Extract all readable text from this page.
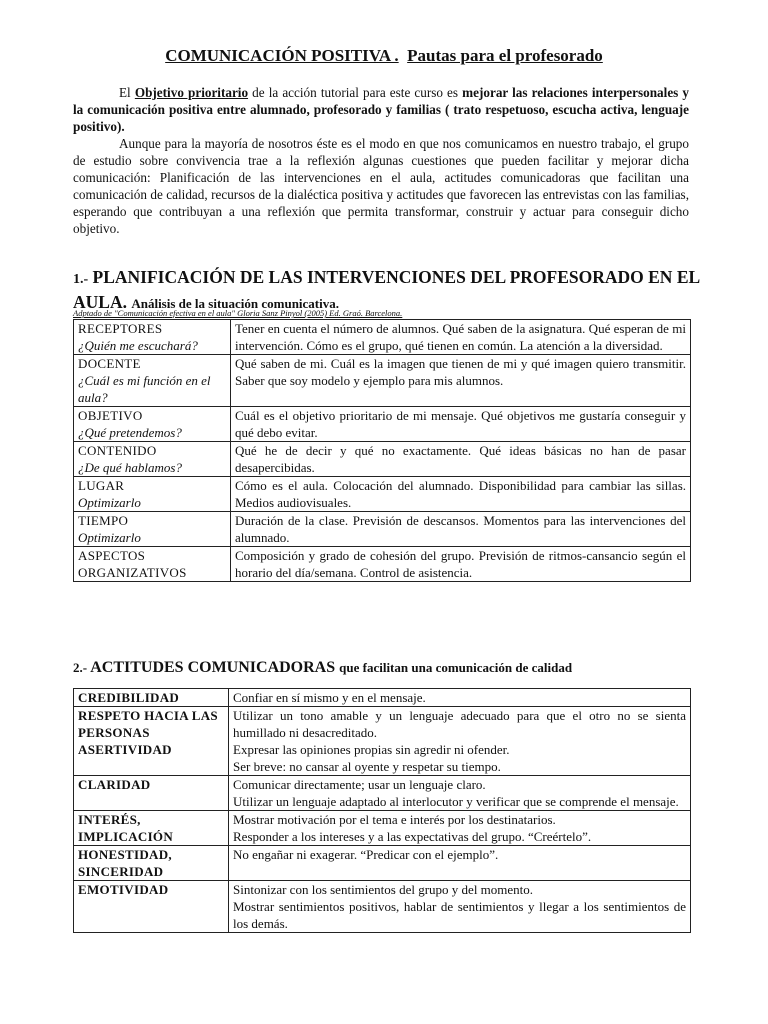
COMUNICACIÓN POSITIVA . Pautas para el profesorado

El Objetivo prioritario de la acción tutorial para este curso es mejorar las relaciones interpersonales y la comunicación positiva entre alumnado, profesorado y familias ( trato respetuoso, escucha activa, lenguaje positivo).

Aunque para la mayoría de nosotros éste es el modo en que nos comunicamos en nuestro trabajo, el grupo de estudio sobre convivencia trae a la reflexión algunas cuestiones que pueden facilitar y mejorar dicha comunicación: Planificación de las intervenciones en el aula, actitudes comunicadoras que facilitan una comunicación de calidad, recursos de la dialéctica positiva y actitudes que favorecen las entrevistas con las familias, esperando que contribuyan a una reflexión que permita transformar, construir y actuar para conseguir dicho objetivo.

1.- PLANIFICACIÓN DE LAS INTERVENCIONES DEL PROFESORADO EN EL AULA. Análisis de la situación comunicativa.
Adptado de "Comunicación efectiva en el aula" Gloria Sanz Pinyol (2005) Ed. Graó. Barcelona.
RECEPTORES
¿Quién me escuchará?	Tener en cuenta el número de alumnos. Qué saben de la asignatura. Qué esperan de mi intervención. Cómo es el grupo, qué tienen en común. La atención a la diversidad.

DOCENTE
¿Cuál es mi función en el aula?	Qué saben de mi. Cuál es la imagen que tienen de mi y qué imagen quiero transmitir. Saber que soy modelo y ejemplo para mis alumnos.

OBJETIVO
¿Qué pretendemos?	Cuál es el objetivo prioritario de mi mensaje. Qué objetivos me gustaría conseguir y qué debo evitar.

CONTENIDO
¿De qué hablamos?	Qué he de decir y qué no exactamente. Qué ideas básicas no han de pasar desapercibidas.

LUGAR
Optimizarlo	Cómo es el aula. Colocación del alumnado. Disponibilidad para cambiar las sillas. Medios audiovisuales.

TIEMPO
Optimizarlo	Duración de la clase. Previsión de descansos. Momentos para las intervenciones del alumnado.

ASPECTOS ORGANIZATIVOS	Composición y grado de cohesión del grupo. Previsión de ritmos-cansancio según el horario del día/semana. Control de asistencia.
2.- ACTITUDES COMUNICADORAS que facilitan una comunicación de calidad
CREDIBILIDAD	Confiar en sí mismo y en el mensaje.

RESPETO HACIA LAS PERSONAS ASERTIVIDAD	Utilizar un tono amable y un lenguaje adecuado para que el otro no se sienta humillado ni desacreditado.
Expresar las opiniones propias sin agredir ni ofender.
Ser breve: no cansar al oyente y respetar su tiempo.

CLARIDAD	Comunicar directamente; usar un lenguaje claro.
Utilizar un lenguaje adaptado al interlocutor y verificar que se comprende el mensaje.

INTERÉS, IMPLICACIÓN	Mostrar motivación por el tema e interés por los destinatarios.
Responder a los intereses y a las expectativas del grupo. “Creértelo”.

HONESTIDAD, SINCERIDAD	No engañar ni exagerar. “Predicar con el ejemplo”.

EMOTIVIDAD	Sintonizar con los sentimientos del grupo y del momento.
Mostrar sentimientos positivos, hablar de sentimientos y llegar a los sentimientos de los demás.
